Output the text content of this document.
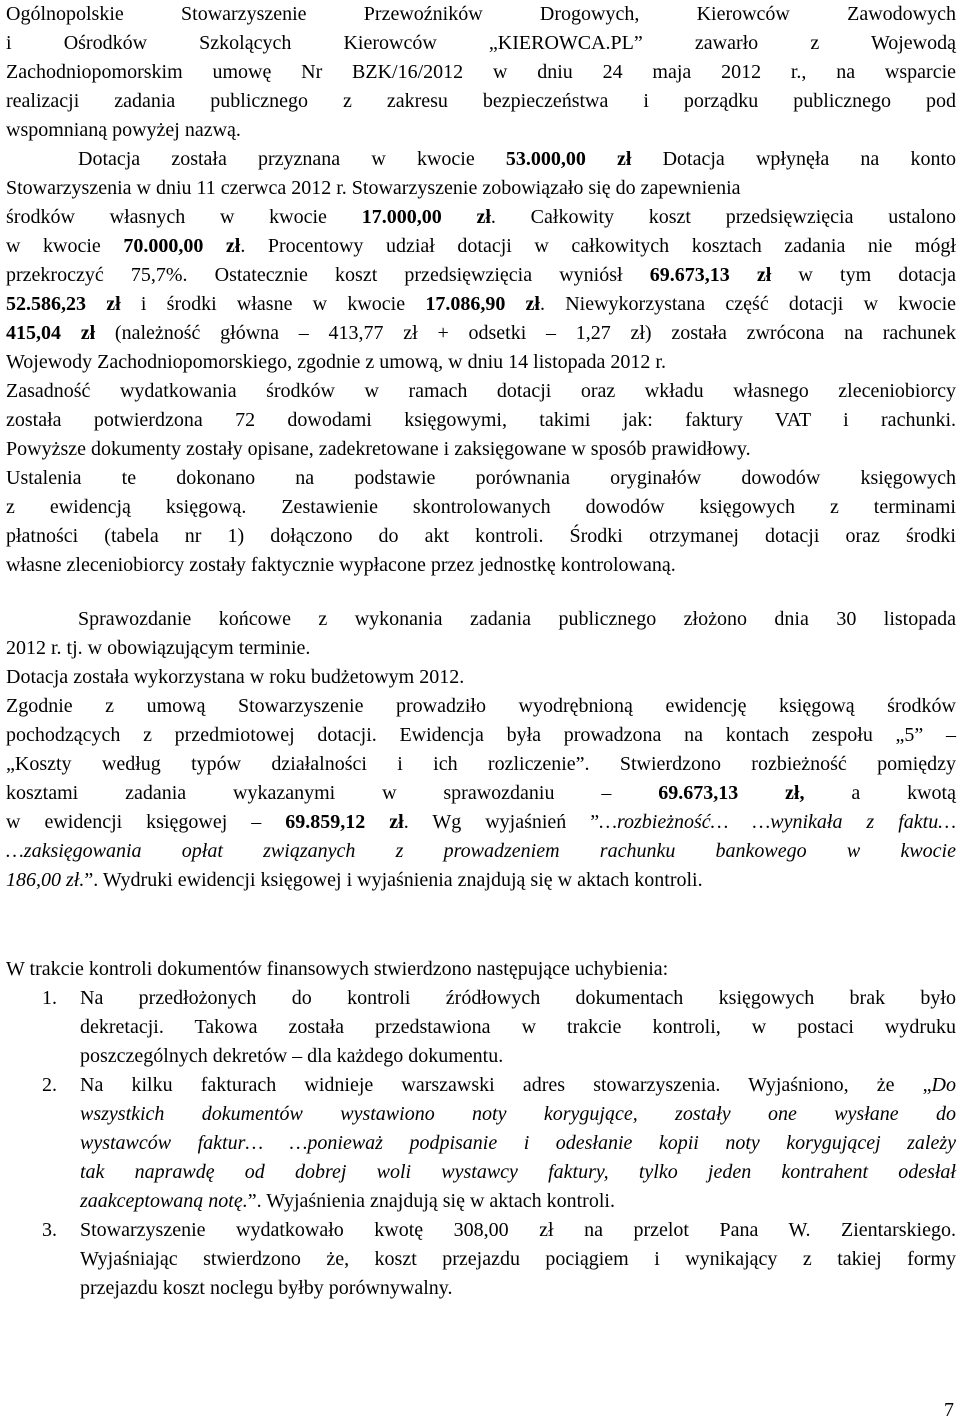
Ogólnopolskie Stowarzyszenie Przewoźników Drogowych, Kierowców Zawodowych
i Ośrodków Szkolących Kierowców „KIEROWCA.PL” zawarło z Wojewodą
Zachodniopomorskim umowę Nr BZK/16/2012 w dniu 24 maja 2012 r., na wsparcie
realizacji zadania publicznego z zakresu bezpieczeństwa i porządku publicznego pod
wspomnianą powyżej nazwą.
Dotacja została przyznana w kwocie 53.000,00 zł Dotacja wpłynęła na konto
Stowarzyszenia w dniu 11 czerwca 2012 r. Stowarzyszenie zobowiązało się do zapewnienia
środków własnych w kwocie 17.000,00 zł. Całkowity koszt przedsięwzięcia ustalono
w kwocie 70.000,00 zł. Procentowy udział dotacji w całkowitych kosztach zadania nie mógł
przekroczyć 75,7%. Ostatecznie koszt przedsięwzięcia wyniósł 69.673,13 zł w tym dotacja
52.586,23 zł i środki własne w kwocie 17.086,90 zł. Niewykorzystana część dotacji w kwocie
415,04 zł (należność główna – 413,77 zł + odsetki – 1,27 zł) została zwrócona na rachunek
Wojewody Zachodniopomorskiego, zgodnie z umową, w dniu 14 listopada 2012 r.
Zasadność wydatkowania środków w ramach dotacji oraz wkładu własnego zleceniobiorcy
została potwierdzona 72 dowodami księgowymi, takimi jak: faktury VAT i rachunki.
Powyższe dokumenty zostały opisane, zadekretowane i zaksięgowane w sposób prawidłowy.
Ustalenia te dokonano na podstawie porównania oryginałów dowodów księgowych
z ewidencją księgową. Zestawienie skontrolowanych dowodów księgowych z terminami
płatności (tabela nr 1) dołączono do akt kontroli. Środki otrzymanej dotacji oraz środki
własne zleceniobiorcy zostały faktycznie wypłacone przez jednostkę kontrolowaną.
Sprawozdanie końcowe z wykonania zadania publicznego złożono dnia 30 listopada
2012 r. tj. w obowiązującym terminie.
Dotacja została wykorzystana w roku budżetowym 2012.
Zgodnie z umową Stowarzyszenie prowadziło wyodrębnioną ewidencję księgową środków
pochodzących z przedmiotowej dotacji. Ewidencja była prowadzona na kontach zespołu „5” –
„Koszty według typów działalności i ich rozliczenie”. Stwierdzono rozbieżność pomiędzy
kosztami zadania wykazanymi w sprawozdaniu – 69.673,13 zł, a kwotą
w ewidencji księgowej – 69.859,12 zł. Wg wyjaśnień ”…rozbieżność… …wynikała z faktu…
…zaksięgowania opłat związanych z prowadzeniem rachunku bankowego w kwocie
186,00 zł.”. Wydruki ewidencji księgowej i wyjaśnienia znajdują się w aktach kontroli.
W trakcie kontroli dokumentów finansowych stwierdzono następujące uchybienia:
1.	Na przedłożonych do kontroli źródłowych dokumentach księgowych brak było
dekretacji. Takowa została przedstawiona w trakcie kontroli, w postaci wydruku
poszczególnych dekretów – dla każdego dokumentu.
2.	Na kilku fakturach widnieje warszawski adres stowarzyszenia. Wyjaśniono, że „Do
wszystkich dokumentów wystawiono noty korygujące, zostały one wysłane do
wystawców faktur… …ponieważ podpisanie i odesłanie kopii noty korygującej zależy
tak naprawdę od dobrej woli wystawcy faktury, tylko jeden kontrahent odesłał
zaakceptowaną notę.”. Wyjaśnienia znajdują się w aktach kontroli.
3.	Stowarzyszenie wydatkowało kwotę 308,00 zł na przelot Pana W. Zientarskiego.
Wyjaśniając stwierdzono że, koszt przejazdu pociągiem i wynikający z takiej formy
przejazdu koszt noclegu byłby porównywalny.
7
